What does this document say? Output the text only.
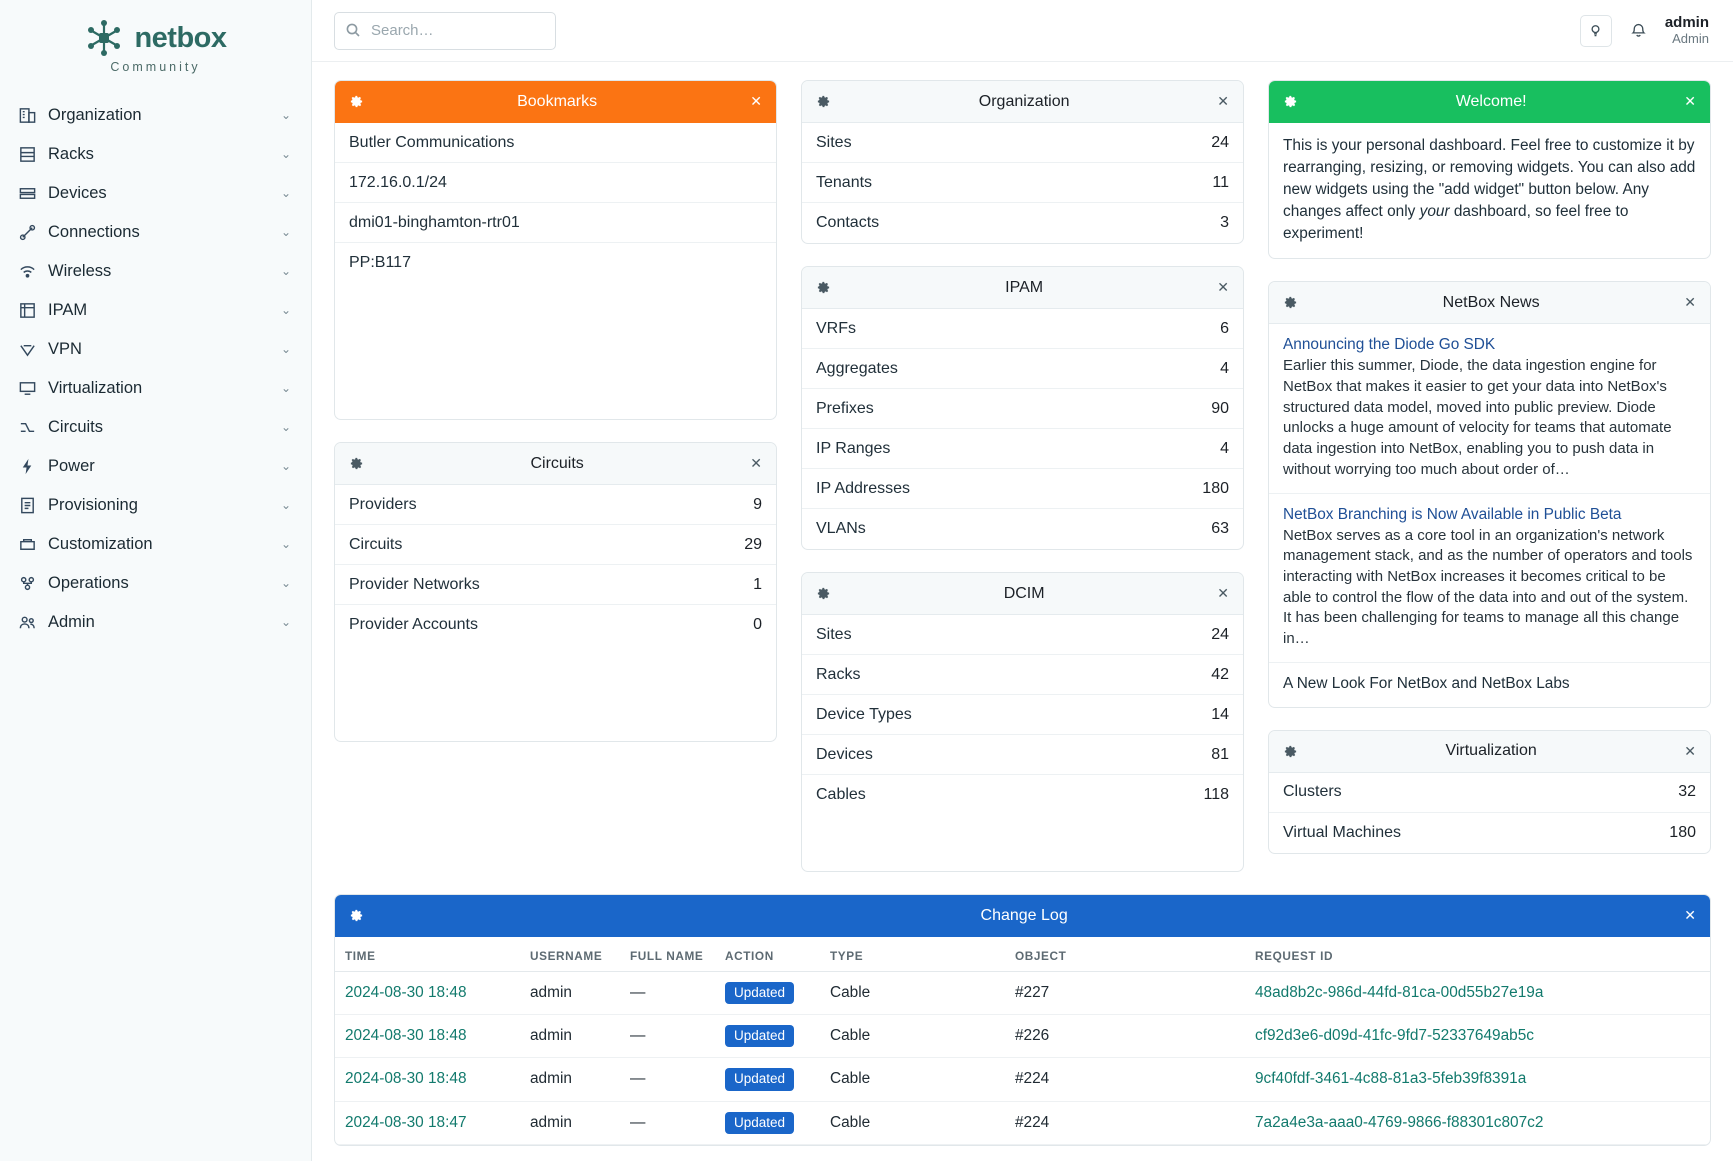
netbox
Community
Organization	⌄
Racks	⌄
Devices	⌄
Connections	⌄
Wireless	⌄
IPAM	⌄
VPN	⌄
Virtualization	⌄
Circuits	⌄
Power	⌄
Provisioning	⌄
Customization	⌄
Operations	⌄
Admin	⌄
Search…
admin
Admin
Bookmarks	✕
Butler Communications
172.16.0.1/24
dmi01-binghamton-rtr01
PP:B117
Circuits	✕
Providers	9
Circuits	29
Provider Networks	1
Provider Accounts	0
Organization	✕
Sites	24
Tenants	11
Contacts	3
IPAM	✕
VRFs	6
Aggregates	4
Prefixes	90
IP Ranges	4
IP Addresses	180
VLANs	63
DCIM	✕
Sites	24
Racks	42
Device Types	14
Devices	81
Cables	118
Welcome!	✕
This is your personal dashboard. Feel free to customize it by rearranging, resizing, or removing widgets. You can also add new widgets using the "add widget" button below. Any changes affect only your dashboard, so feel free to experiment!
NetBox News	✕
Announcing the Diode Go SDK
Earlier this summer, Diode, the data ingestion engine for NetBox that makes it easier to get your data into NetBox's structured data model, moved into public preview. Diode unlocks a huge amount of velocity for teams that automate data ingestion into NetBox, enabling you to push data in without worrying too much about order of…
NetBox Branching is Now Available in Public Beta
NetBox serves as a core tool in an organization's network management stack, and as the number of operators and tools interacting with NetBox increases it becomes critical to be able to control the flow of the data into and out of the system. It has been challenging for teams to manage all this change in…
A New Look For NetBox and NetBox Labs
Virtualization	✕
Clusters	32
Virtual Machines	180
Change Log	✕
TIME	USERNAME	FULL NAME	ACTION	TYPE	OBJECT	REQUEST ID
2024-08-30 18:48	admin	—	Updated	Cable	#227	48ad8b2c-986d-44fd-81ca-00d55b27e19a
2024-08-30 18:48	admin	—	Updated	Cable	#226	cf92d3e6-d09d-41fc-9fd7-52337649ab5c
2024-08-30 18:48	admin	—	Updated	Cable	#224	9cf40fdf-3461-4c88-81a3-5feb39f8391a
2024-08-30 18:47	admin	—	Updated	Cable	#224	7a2a4e3a-aaa0-4769-9866-f88301c807c2
